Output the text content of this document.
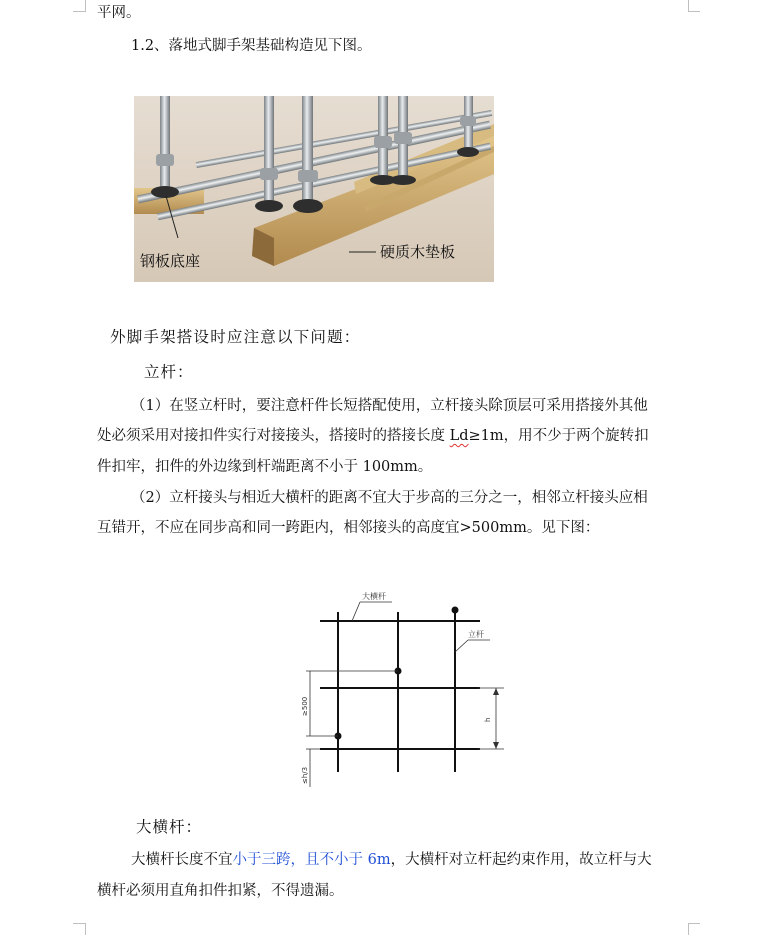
平网。
1.2、落地式脚手架基础构造见下图。
钢板底座	硬质木垫板
外脚手架搭设时应注意以下问题：
立杆：
（1）在竖立杆时，要注意杆件长短搭配使用，立杆接头除顶层可采用搭接外其他
处必须采用对接扣件实行对接接头，搭接时的搭接长度 Ld≥1m，用不少于两个旋转扣
件扣牢，扣件的外边缘到杆端距离不小于 100mm。
（2）立杆接头与相近大横杆的距离不宜大于步高的三分之一，相邻立杆接头应相
互错开，不应在同步高和同一跨距内，相邻接头的高度宜>500mm。见下图：
大横杆
立杆
≥500
h
≤h/3
大横杆：
大横杆长度不宜小于三跨，且不小于 6m，大横杆对立杆起约束作用，故立杆与大
横杆必须用直角扣件扣紧，不得遗漏。
